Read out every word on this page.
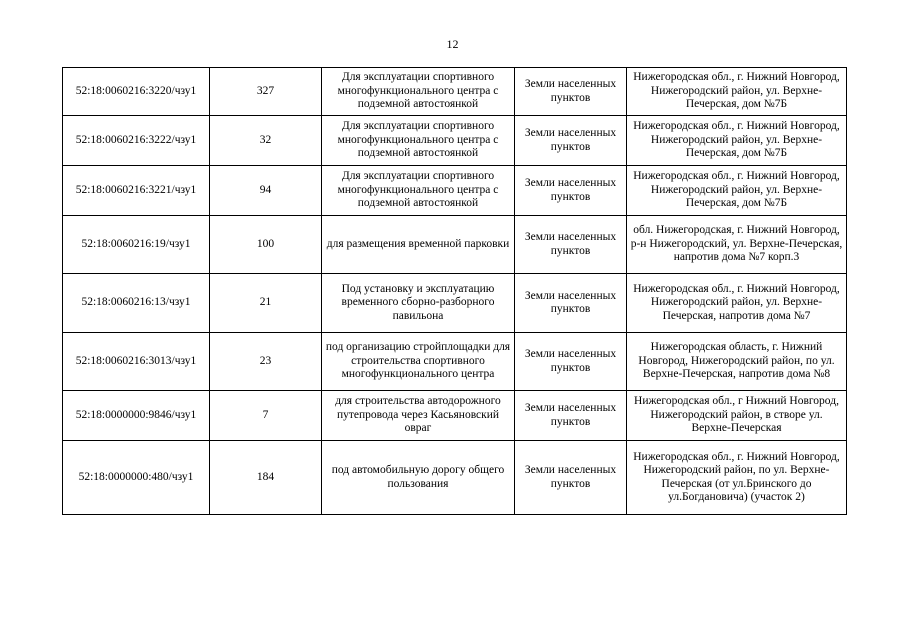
12
52:18:0060216:3220/чзу1	327	Для эксплуатации спортивного многофункционального центра с подземной автостоянкой	Земли населенных пунктов	Нижегородская обл., г. Нижний Новгород, Нижегородский район, ул. Верхне-Печерская, дом №7Б
52:18:0060216:3222/чзу1	32	Для эксплуатации спортивного многофункционального центра с подземной автостоянкой	Земли населенных пунктов	Нижегородская обл., г. Нижний Новгород, Нижегородский район, ул. Верхне-Печерская, дом №7Б
52:18:0060216:3221/чзу1	94	Для эксплуатации спортивного многофункционального центра с подземной автостоянкой	Земли населенных пунктов	Нижегородская обл., г. Нижний Новгород, Нижегородский район, ул. Верхне-Печерская, дом №7Б
52:18:0060216:19/чзу1	100	для размещения временной парковки	Земли населенных пунктов	обл. Нижегородская, г. Нижний Новгород, р-н Нижегородский, ул. Верхне-Печерская, напротив дома №7 корп.3
52:18:0060216:13/чзу1	21	Под установку и эксплуатацию временного сборно-разборного павильона	Земли населенных пунктов	Нижегородская обл., г. Нижний Новгород, Нижегородский район, ул. Верхне-Печерская, напротив дома №7
52:18:0060216:3013/чзу1	23	под организацию стройплощадки для строительства спортивного многофункционального центра	Земли населенных пунктов	Нижегородская область, г. Нижний Новгород, Нижегородский район, по ул. Верхне-Печерская, напротив дома №8
52:18:0000000:9846/чзу1	7	для строительства автодорожного путепровода через Касьяновский овраг	Земли населенных пунктов	Нижегородская обл., г Нижний Новгород, Нижегородский район, в створе ул. Верхне-Печерская
52:18:0000000:480/чзу1	184	под автомобильную дорогу общего пользования	Земли населенных пунктов	Нижегородская обл., г. Нижний Новгород, Нижегородский район, по ул. Верхне-Печерская (от ул.Бринского до ул.Богдановича) (участок 2)
